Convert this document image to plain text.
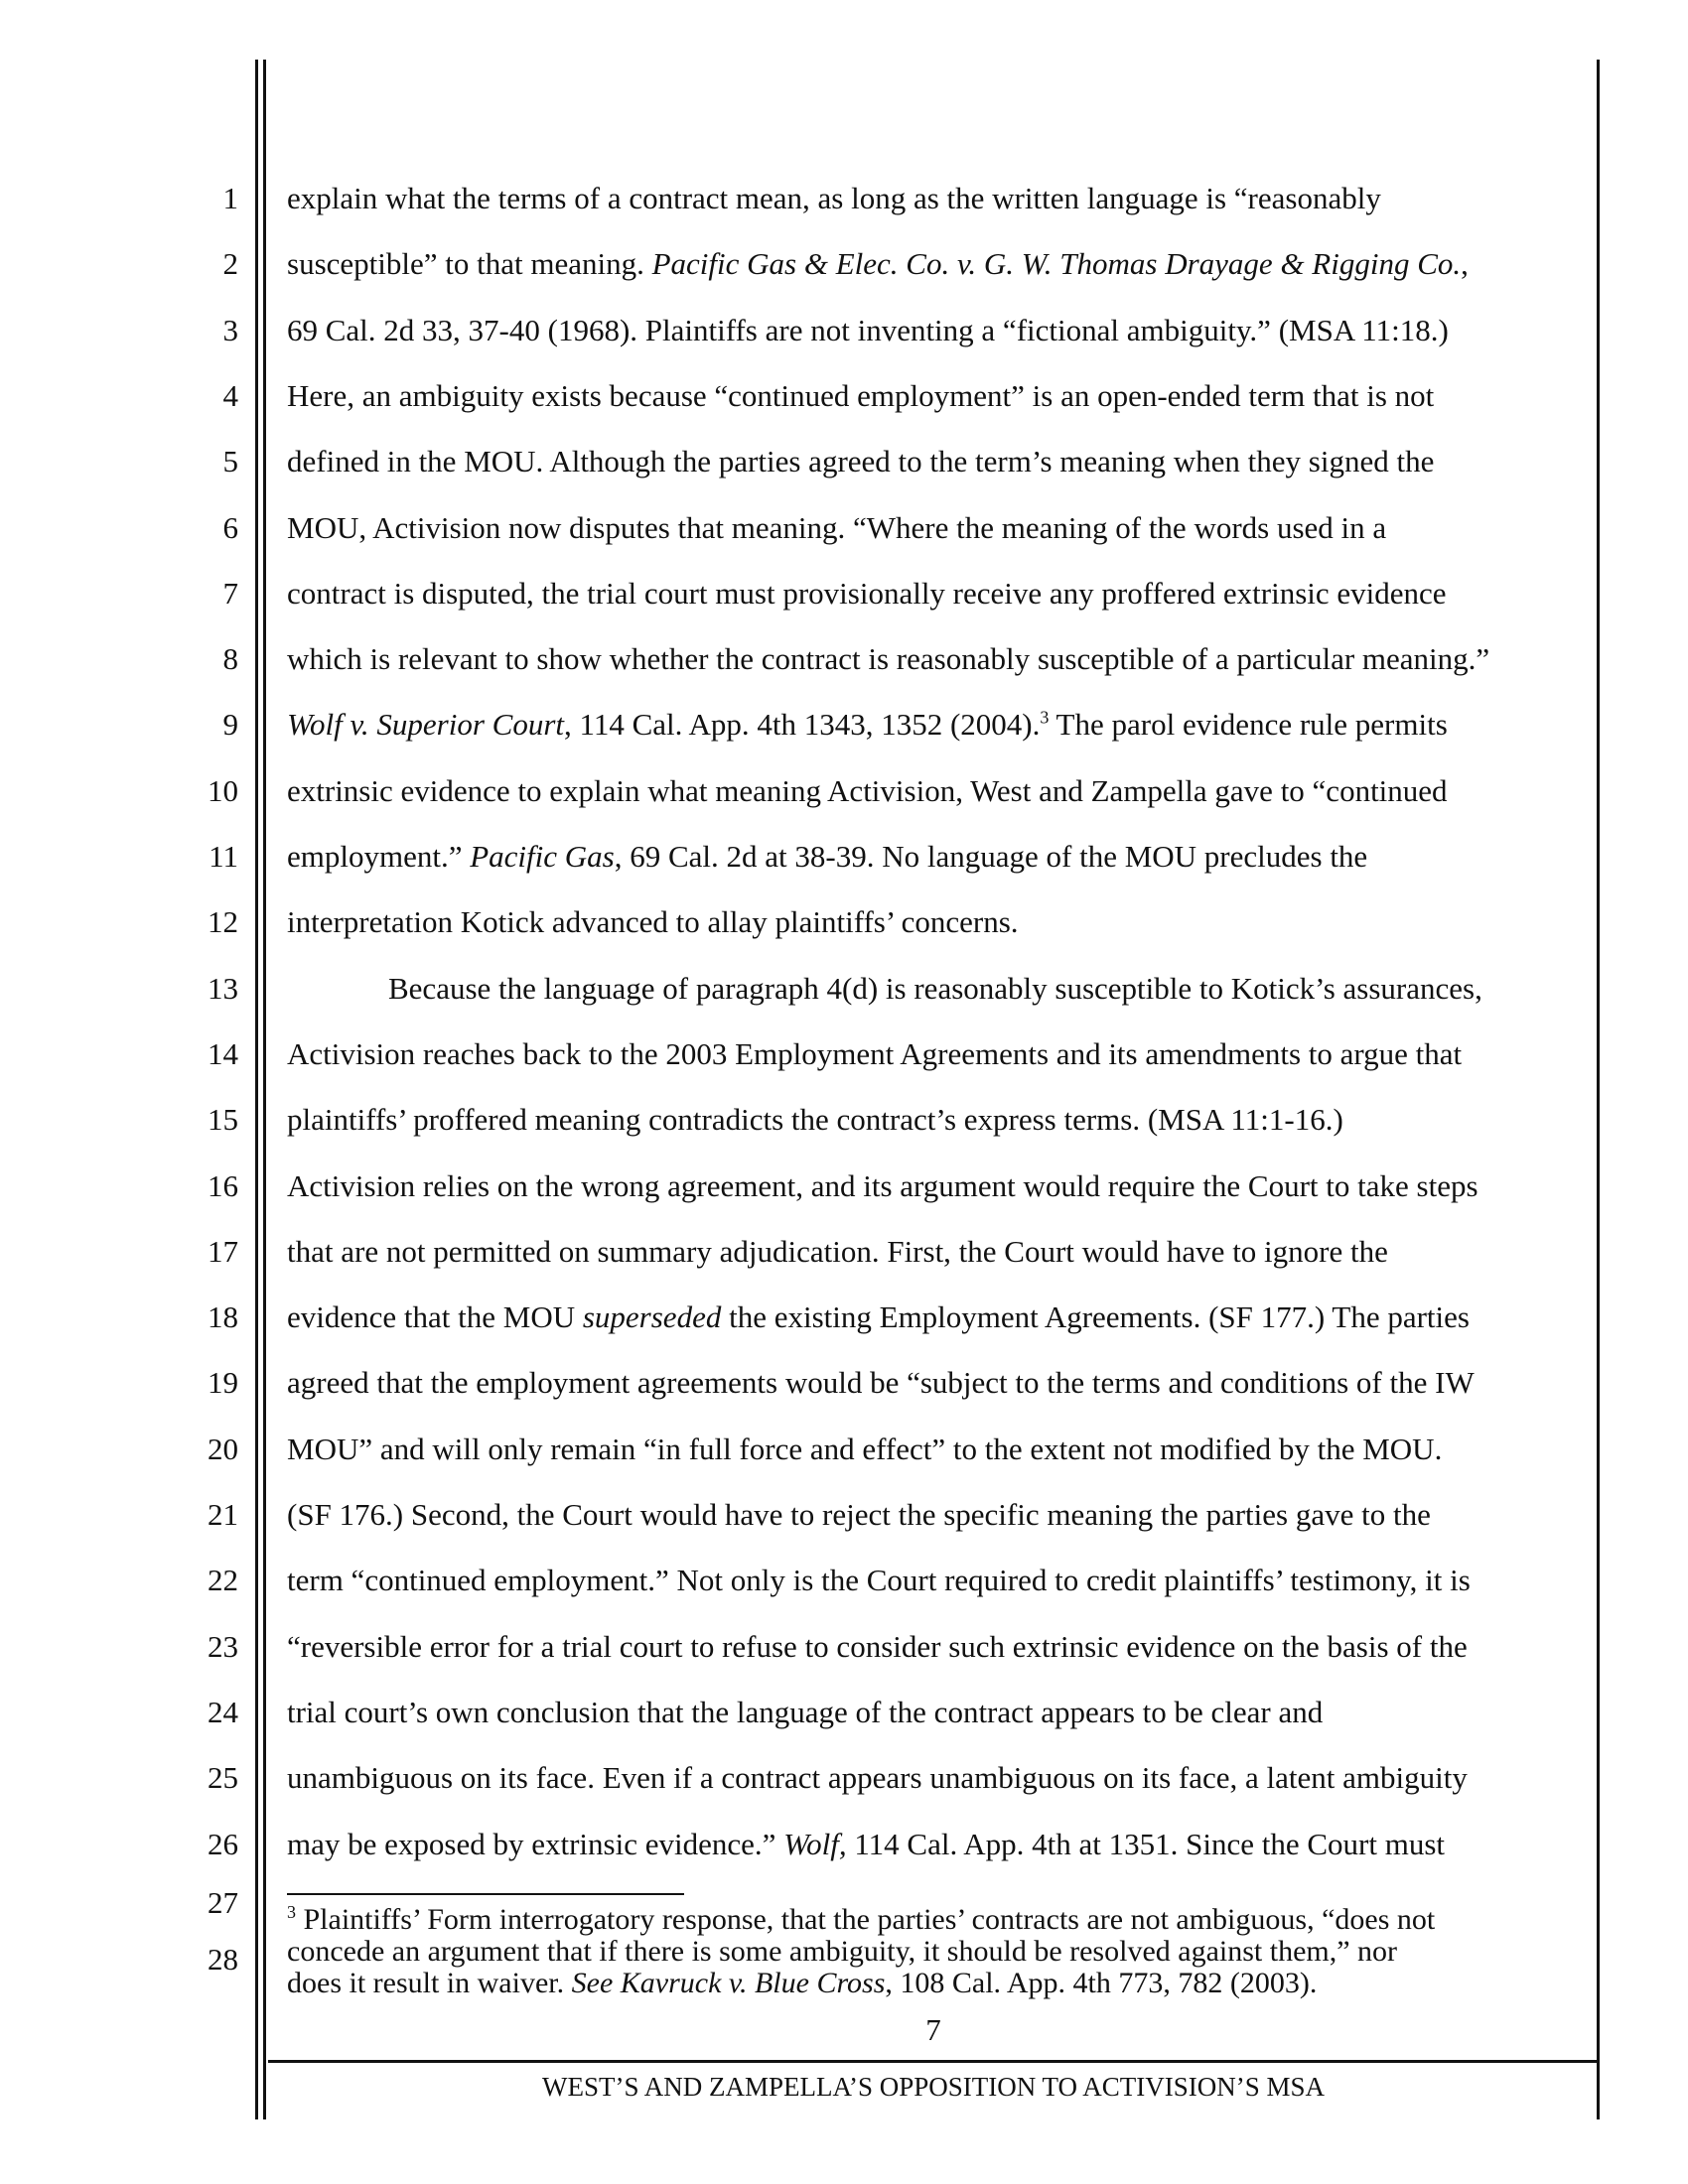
1
2
3
4
5
6
7
8
9
10
11
12
13
14
15
16
17
18
19
20
21
22
23
24
25
26
27
28
explain what the terms of a contract mean, as long as the written language is “reasonably
susceptible” to that meaning. Pacific Gas & Elec. Co. v. G. W. Thomas Drayage & Rigging Co.,
69 Cal. 2d 33, 37-40 (1968). Plaintiffs are not inventing a “fictional ambiguity.” (MSA 11:18.)
Here, an ambiguity exists because “continued employment” is an open-ended term that is not
defined in the MOU. Although the parties agreed to the term’s meaning when they signed the
MOU, Activision now disputes that meaning. “Where the meaning of the words used in a
contract is disputed, the trial court must provisionally receive any proffered extrinsic evidence
which is relevant to show whether the contract is reasonably susceptible of a particular meaning.”
Wolf v. Superior Court, 114 Cal. App. 4th 1343, 1352 (2004).$^3$ The parol evidence rule permits
extrinsic evidence to explain what meaning Activision, West and Zampella gave to “continued
employment.” Pacific Gas, 69 Cal. 2d at 38-39. No language of the MOU precludes the
interpretation Kotick advanced to allay plaintiffs’ concerns.
Because the language of paragraph 4(d) is reasonably susceptible to Kotick’s assurances,
Activision reaches back to the 2003 Employment Agreements and its amendments to argue that
plaintiffs’ proffered meaning contradicts the contract’s express terms. (MSA 11:1-16.)
Activision relies on the wrong agreement, and its argument would require the Court to take steps
that are not permitted on summary adjudication. First, the Court would have to ignore the
evidence that the MOU superseded the existing Employment Agreements. (SF 177.) The parties
agreed that the employment agreements would be “subject to the terms and conditions of the IW
MOU” and will only remain “in full force and effect” to the extent not modified by the MOU.
(SF 176.) Second, the Court would have to reject the specific meaning the parties gave to the
term “continued employment.” Not only is the Court required to credit plaintiffs’ testimony, it is
“reversible error for a trial court to refuse to consider such extrinsic evidence on the basis of the
trial court’s own conclusion that the language of the contract appears to be clear and
unambiguous on its face. Even if a contract appears unambiguous on its face, a latent ambiguity
may be exposed by extrinsic evidence.” Wolf, 114 Cal. App. 4th at 1351. Since the Court must
$^3$ Plaintiffs’ Form interrogatory response, that the parties’ contracts are not ambiguous, “does not
concede an argument that if there is some ambiguity, it should be resolved against them,” nor
does it result in waiver. See Kavruck v. Blue Cross, 108 Cal. App. 4th 773, 782 (2003).
7
WEST’S AND ZAMPELLA’S OPPOSITION TO ACTIVISION’S MSA
